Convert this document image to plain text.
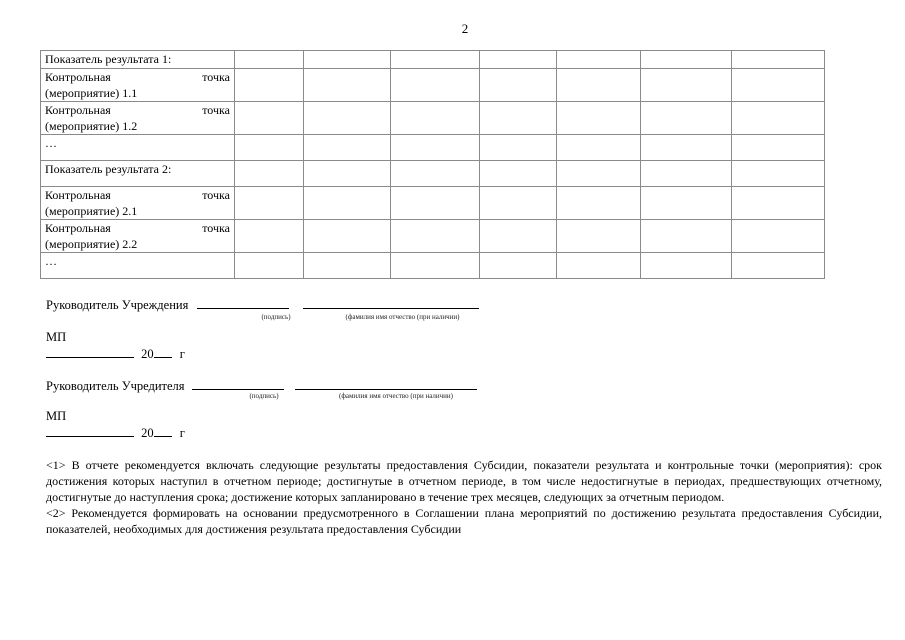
2
Показатель результата 1:							

Контрольная точка
(мероприятие) 1.1							

Контрольная точка
(мероприятие) 1.2							

…							
Показатель результата 2:							

Контрольная точка
(мероприятие) 2.1							

Контрольная точка
(мероприятие) 2.2							

…							
Руководитель Учреждения
(подпись)	(фамилия имя отчество (при наличии)
МП
20 г
Руководитель Учредителя
(подпись)	(фамилия имя отчество (при наличии)
МП
20 г

<1> В отчете рекомендуется включать следующие результаты предоставления Субсидии, показатели результата и контрольные точки (мероприятия): срок достижения которых наступил в отчетном периоде; достигнутые в отчетном периоде, в том числе недостигнутые в периодах, предшествующих отчетному, достигнутые до наступления срока; достижение которых запланировано в течение трех месяцев, следующих за отчетным периодом.

<2> Рекомендуется формировать на основании предусмотренного в Соглашении плана мероприятий по достижению результата предоставления Субсидии, показателей, необходимых для достижения результата предоставления Субсидии
